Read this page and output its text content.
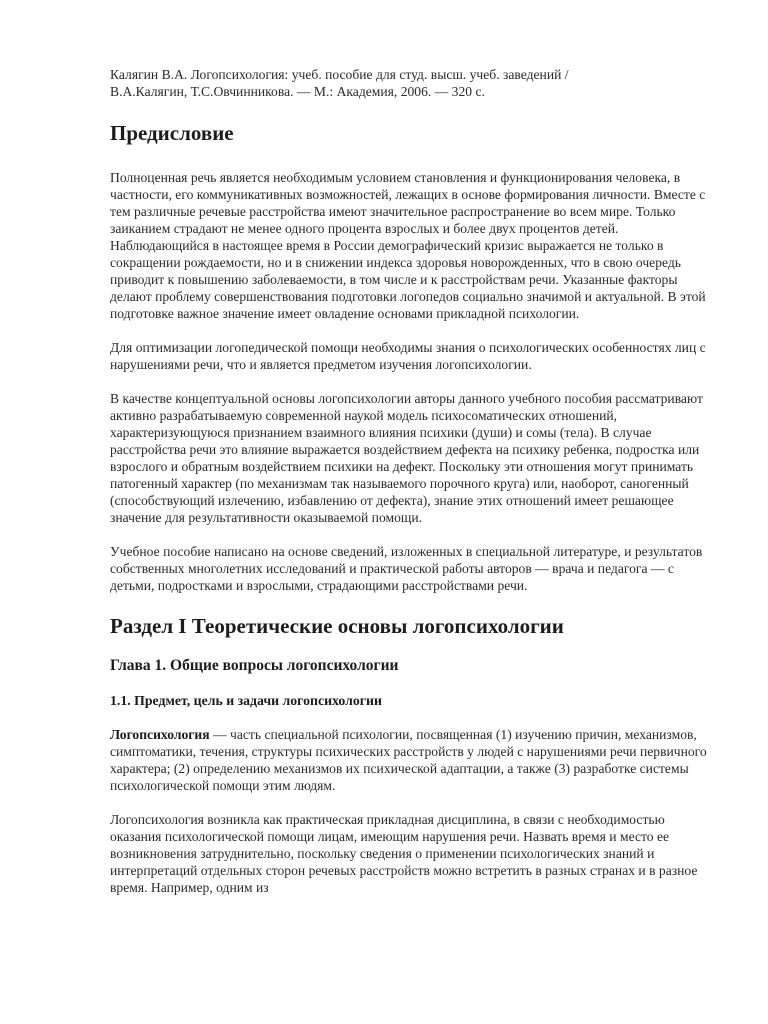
Калягин В.А. Логопсихология: учеб. пособие для студ. высш. учеб. заведений /
В.А.Калягин, Т.С.Овчинникова. — М.: Академия, 2006. — 320 с.

Предисловие

Полноценная речь является необходимым условием становления и функционирования человека, в частности, его коммуникативных возможностей, лежащих в основе формирования личности. Вместе с тем различные речевые расстройства имеют значительное распространение во всем мире. Только заиканием страдают не менее одного процента взрослых и более двух процентов детей. Наблюдающийся в настоящее время в России демографический кризис выражается не только в сокращении рождаемости, но и в снижении индекса здоровья новорожденных, что в свою очередь приводит к повышению заболеваемости, в том числе и к расстройствам речи. Указанные факторы делают проблему совершенствования подготовки логопедов социально значимой и актуальной. В этой подготовке важное значение имеет овладение основами прикладной психологии.

Для оптимизации логопедической помощи необходимы знания о психологических особенностях лиц с нарушениями речи, что и является предметом изучения логопсихологии.

В качестве концептуальной основы логопсихологии авторы данного учебного пособия рассматривают активно разрабатываемую современной наукой модель психосоматических отношений, характеризующуюся признанием взаимного влияния психики (души) и сомы (тела). В случае расстройства речи это влияние выражается воздействием дефекта на психику ребенка, подростка или взрослого и обратным воздействием психики на дефект. Поскольку эти отношения могут принимать патогенный характер (по механизмам так называемого порочного круга) или, наоборот, саногенный (способствующий излечению, избавлению от дефекта), знание этих отношений имеет решающее значение для результативности оказываемой помощи.

Учебное пособие написано на основе сведений, изложенных в специальной литературе, и результатов собственных многолетних исследований и практической работы авторов — врача и педагога — с детьми, подростками и взрослыми, страдающими расстройствами речи.

Раздел I Теоретические основы логопсихологии
Глава 1. Общие вопросы логопсихологии
1.1. Предмет, цель и задачи логопсихологии

Логопсихология — часть специальной психологии, посвященная (1) изучению причин, механизмов, симптоматики, течения, структуры психических расстройств у людей с нарушениями речи первичного характера; (2) определению механизмов их психической адаптации, а также (3) разработке системы психологической помощи этим людям.

Логопсихология возникла как практическая прикладная дисциплина, в связи с необходимостью оказания психологической помощи лицам, имеющим нарушения речи. Назвать время и место ее возникновения затруднительно, поскольку сведения о применении психологических знаний и интерпретаций отдельных сторон речевых расстройств можно встретить в разных странах и в разное время. Например, одним из
